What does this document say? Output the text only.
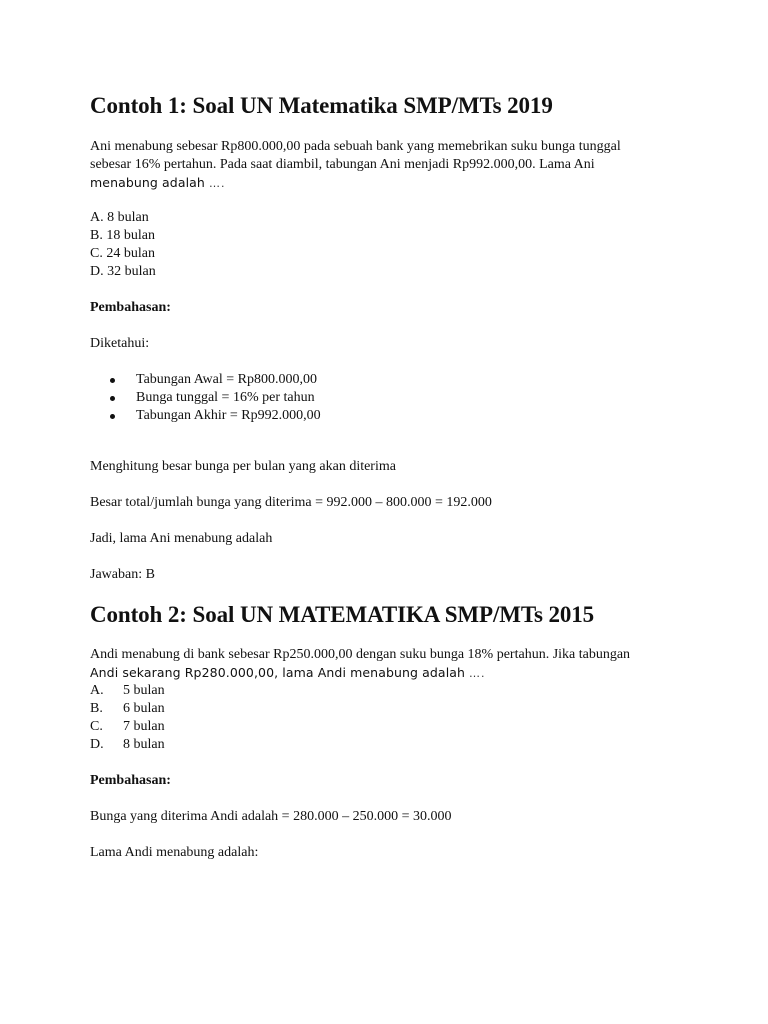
Contoh 1: Soal UN Matematika SMP/MTs 2019
Ani menabung sebesar Rp800.000,00 pada sebuah bank yang memebrikan suku bunga tunggal
sebesar 16% pertahun. Pada saat diambil, tabungan Ani menjadi Rp992.000,00. Lama Ani
menabung adalah ….
A. 8 bulan
B. 18 bulan
C. 24 bulan
D. 32 bulan
Pembahasan:
Diketahui:
Tabungan Awal = Rp800.000,00
Bunga tunggal = 16% per tahun
Tabungan Akhir = Rp992.000,00
Menghitung besar bunga per bulan yang akan diterima
Besar total/jumlah bunga yang diterima = 992.000 – 800.000 = 192.000
Jadi, lama Ani menabung adalah
Jawaban: B
Contoh 2: Soal UN MATEMATIKA SMP/MTs 2015
Andi menabung di bank sebesar Rp250.000,00 dengan suku bunga 18% pertahun. Jika tabungan
Andi sekarang Rp280.000,00, lama Andi menabung adalah ….
A. 5 bulan
B. 6 bulan
C. 7 bulan
D. 8 bulan
Pembahasan:
Bunga yang diterima Andi adalah = 280.000 – 250.000 = 30.000
Lama Andi menabung adalah:
